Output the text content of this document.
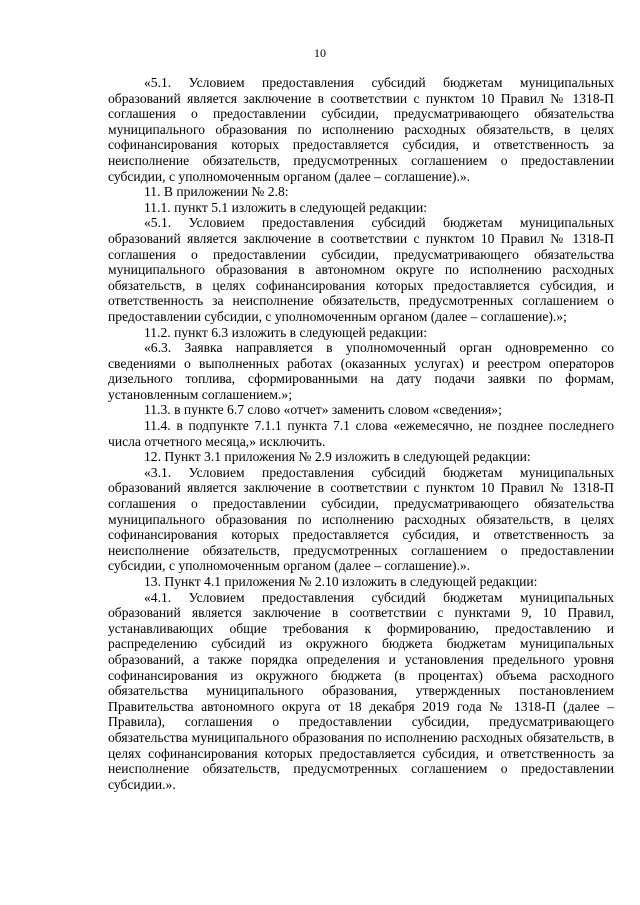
10

«5.1. Условием предоставления субсидий бюджетам муниципальных образований является заключение в соответствии с пунктом 10 Правил № 1318-П соглашения о предоставлении субсидии, предусматривающего обязательства муниципального образования по исполнению расходных обязательств, в целях софинансирования которых предоставляется субсидия, и ответственность за неисполнение обязательств, предусмотренных соглашением о предоставлении субсидии, с уполномоченным органом (далее – соглашение).».

11. В приложении № 2.8:

11.1. пункт 5.1 изложить в следующей редакции:

«5.1. Условием предоставления субсидий бюджетам муниципальных образований является заключение в соответствии с пунктом 10 Правил № 1318-П соглашения о предоставлении субсидии, предусматривающего обязательства муниципального образования в автономном округе по исполнению расходных обязательств, в целях софинансирования которых предоставляется субсидия, и ответственность за неисполнение обязательств, предусмотренных соглашением о предоставлении субсидии, с уполномоченным органом (далее – соглашение).»;

11.2. пункт 6.3 изложить в следующей редакции:

«6.3. Заявка направляется в уполномоченный орган одновременно со сведениями о выполненных работах (оказанных услугах) и реестром операторов дизельного топлива, сформированными на дату подачи заявки по формам, установленным соглашением.»;

11.3. в пункте 6.7 слово «отчет» заменить словом «сведения»;

11.4. в подпункте 7.1.1 пункта 7.1 слова «ежемесячно, не позднее последнего числа отчетного месяца,» исключить.

12. Пункт 3.1 приложения № 2.9 изложить в следующей редакции:

«3.1. Условием предоставления субсидий бюджетам муниципальных образований является заключение в соответствии с пунктом 10 Правил № 1318-П соглашения о предоставлении субсидии, предусматривающего обязательства муниципального образования по исполнению расходных обязательств, в целях софинансирования которых предоставляется субсидия, и ответственность за неисполнение обязательств, предусмотренных соглашением о предоставлении субсидии, с уполномоченным органом (далее – соглашение).».

13. Пункт 4.1 приложения № 2.10 изложить в следующей редакции:

«4.1. Условием предоставления субсидий бюджетам муниципальных образований является заключение в соответствии с пунктами 9, 10 Правил, устанавливающих общие требования к формированию, предоставлению и распределению субсидий из окружного бюджета бюджетам муниципальных образований, а также порядка определения и установления предельного уровня софинансирования из окружного бюджета (в процентах) объема расходного обязательства муниципального образования, утвержденных постановлением Правительства автономного округа от 18 декабря 2019 года № 1318-П (далее – Правила), соглашения о предоставлении субсидии, предусматривающего обязательства муниципального образования по исполнению расходных обязательств, в целях софинансирования которых предоставляется субсидия, и ответственность за неисполнение обязательств, предусмотренных соглашением о предоставлении субсидии.».
